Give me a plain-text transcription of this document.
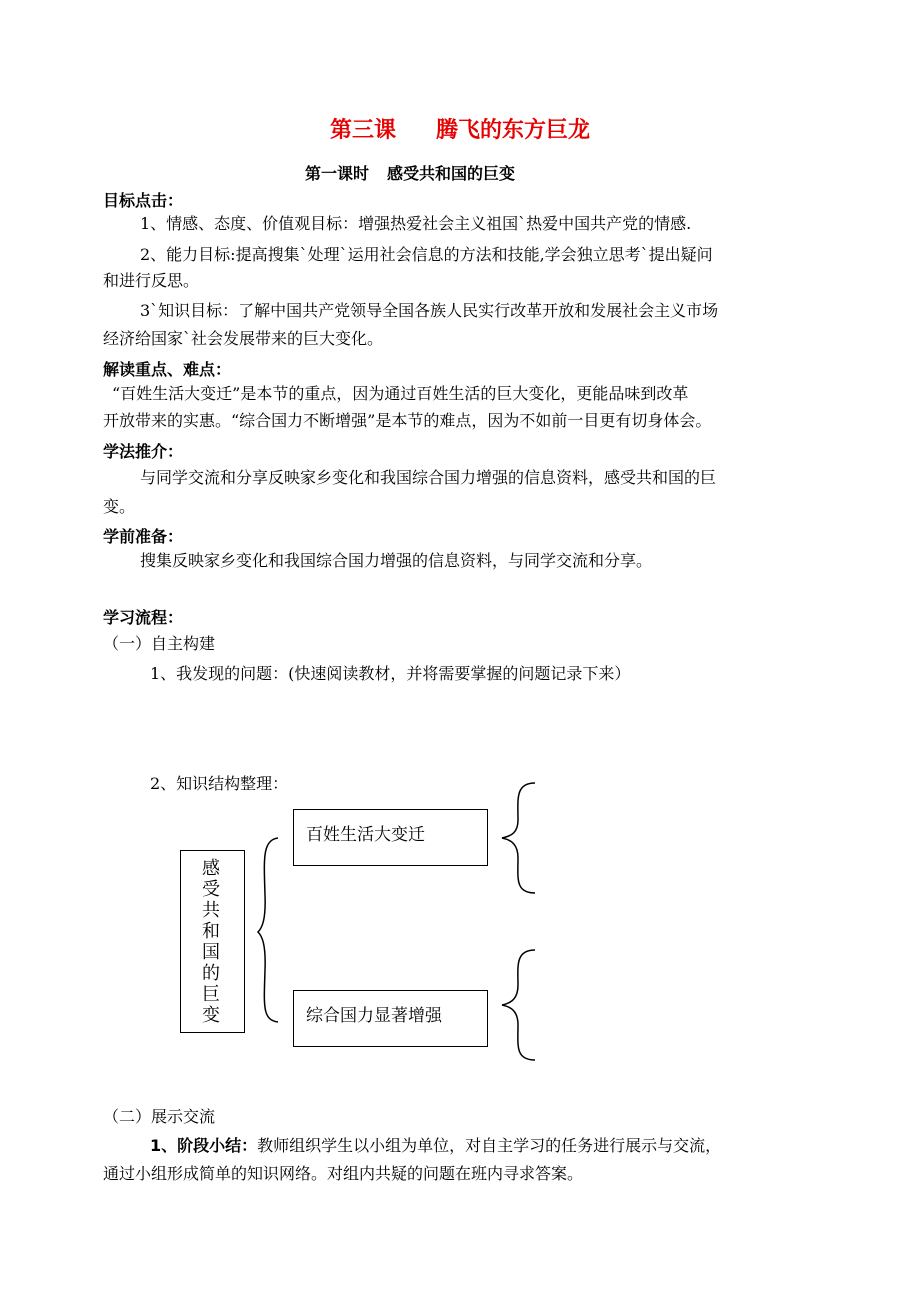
第三课 腾飞的东方巨龙
第一课时 感受共和国的巨变
目标点击：
1、情感、态度、价值观目标：增强热爱社会主义祖国`热爱中国共产党的情感.
2、能力目标:提高搜集`处理`运用社会信息的方法和技能,学会独立思考`提出疑问
和进行反思。
3`知识目标：了解中国共产党领导全国各族人民实行改革开放和发展社会主义市场
经济给国家`社会发展带来的巨大变化。
解读重点、难点：
“百姓生活大变迁”是本节的重点，因为通过百姓生活的巨大变化，更能品味到改革
开放带来的实惠。“综合国力不断增强”是本节的难点，因为不如前一目更有切身体会。
学法推介：
与同学交流和分享反映家乡变化和我国综合国力增强的信息资料，感受共和国的巨
变。
学前准备：
搜集反映家乡变化和我国综合国力增强的信息资料，与同学交流和分享。
学习流程：
（一）自主构建
1、我发现的问题：(快速阅读教材，并将需要掌握的问题记录下来）
2、知识结构整理：
感受共和国的巨变
百姓生活大变迁
综合国力显著增强
（二）展示交流
1、阶段小结：教师组织学生以小组为单位，对自主学习的任务进行展示与交流，
通过小组形成简单的知识网络。对组内共疑的问题在班内寻求答案。
